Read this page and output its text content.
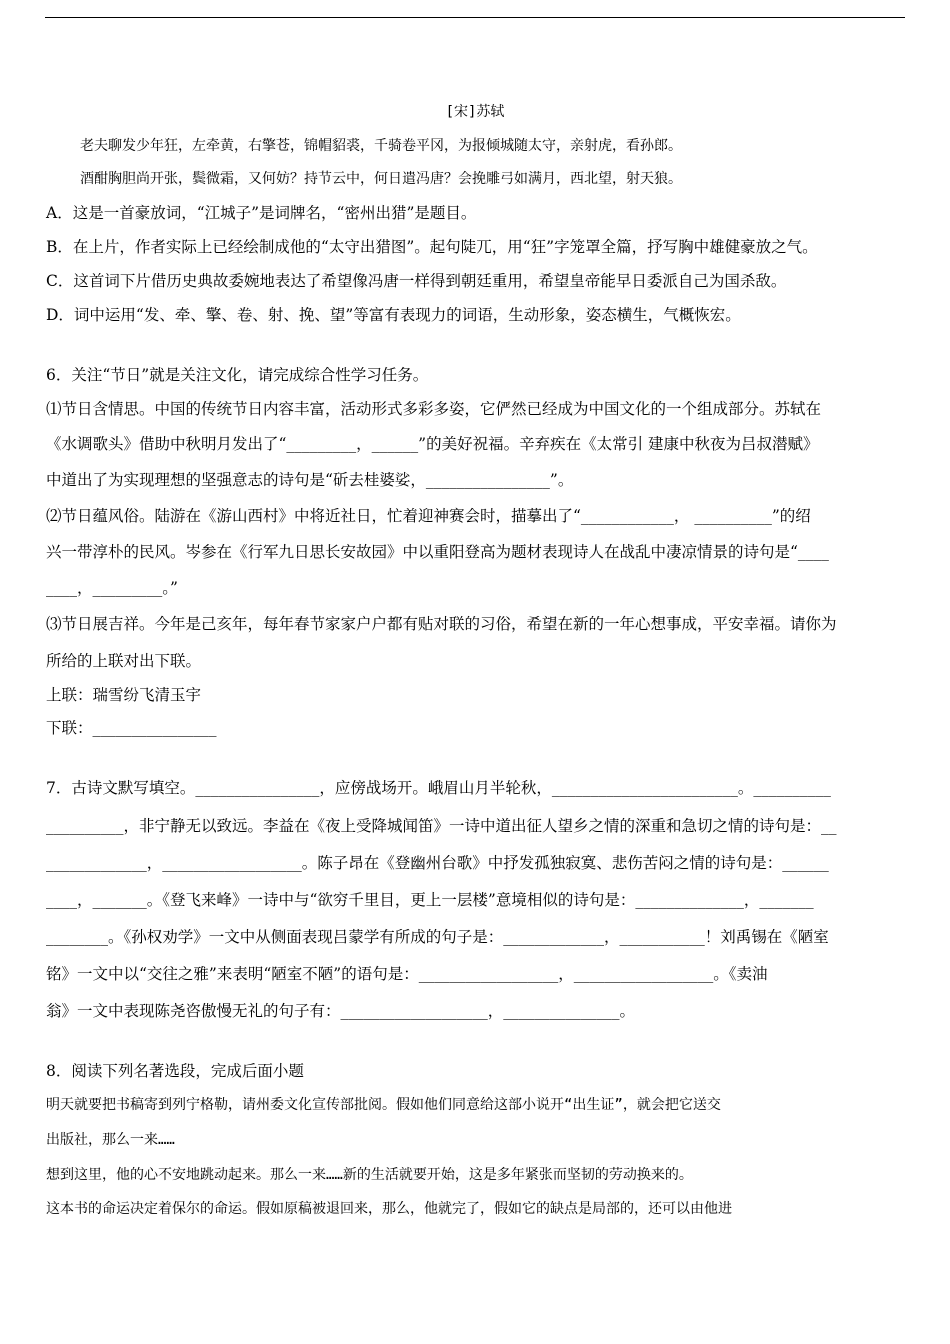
[宋]苏轼
老夫聊发少年狂，左牵黄，右擎苍，锦帽貂裘，千骑卷平冈，为报倾城随太守，亲射虎，看孙郎。
酒酣胸胆尚开张，鬓微霜，又何妨？持节云中，何日遣冯唐？会挽雕弓如满月，西北望，射天狼。
A．这是一首豪放词，“江城子”是词牌名，“密州出猎”是题目。
B．在上片，作者实际上已经绘制成他的“太守出猎图”。起句陡兀，用“狂”字笼罩全篇，抒写胸中雄健豪放之气。
C．这首词下片借历史典故委婉地表达了希望像冯唐一样得到朝廷重用，希望皇帝能早日委派自己为国杀敌。
D．词中运用“发、牵、擎、卷、射、挽、望”等富有表现力的词语，生动形象，姿态横生，气概恢宏。
6．关注“节日”就是关注文化，请完成综合性学习任务。
⑴节日含情思。中国的传统节日内容丰富，活动形式多彩多姿，它俨然已经成为中国文化的一个组成部分。苏轼在
《水调歌头》借助中秋明月发出了“_________，______”的美好祝福。辛弃疾在《太常引 建康中秋夜为吕叔潜赋》
中道出了为实现理想的坚强意志的诗句是“斫去桂婆娑，________________”。
⑵节日蕴风俗。陆游在《游山西村》中将近社日，忙着迎神赛会时，描摹出了“____________， __________”的绍
兴一带淳朴的民风。岑参在《行军九日思长安故园》中以重阳登高为题材表现诗人在战乱中凄凉情景的诗句是“____
____，_________。”
⑶节日展吉祥。今年是己亥年，每年春节家家户户都有贴对联的习俗，希望在新的一年心想事成，平安幸福。请你为
所给的上联对出下联。
上联：瑞雪纷飞清玉宇
下联：________________
7．古诗文默写填空。________________，应傍战场开。峨眉山月半轮秋，________________________。__________
__________，非宁静无以致远。李益在《夜上受降城闻笛》一诗中道出征人望乡之情的深重和急切之情的诗句是：__
_____________，__________________。陈子昂在《登幽州台歌》中抒发孤独寂寞、悲伤苦闷之情的诗句是：______
____，_______。《登飞来峰》一诗中与“欲穷千里目，更上一层楼”意境相似的诗句是：______________，_______
________。《孙权劝学》一文中从侧面表现吕蒙学有所成的句子是：_____________，___________！刘禹锡在《陋室
铭》一文中以“交往之雅”来表明“陋室不陋”的语句是：__________________，__________________。《卖油
翁》一文中表现陈尧咨傲慢无礼的句子有：___________________，_______________。
8．阅读下列名著选段，完成后面小题
明天就要把书稿寄到列宁格勒，请州委文化宣传部批阅。假如他们同意给这部小说开“出生证”，就会把它送交
出版社，那么一来……
想到这里，他的心不安地跳动起来。那么一来……新的生活就要开始，这是多年紧张而坚韧的劳动换来的。
这本书的命运决定着保尔的命运。假如原稿被退回来，那么，他就完了，假如它的缺点是局部的，还可以由他进
